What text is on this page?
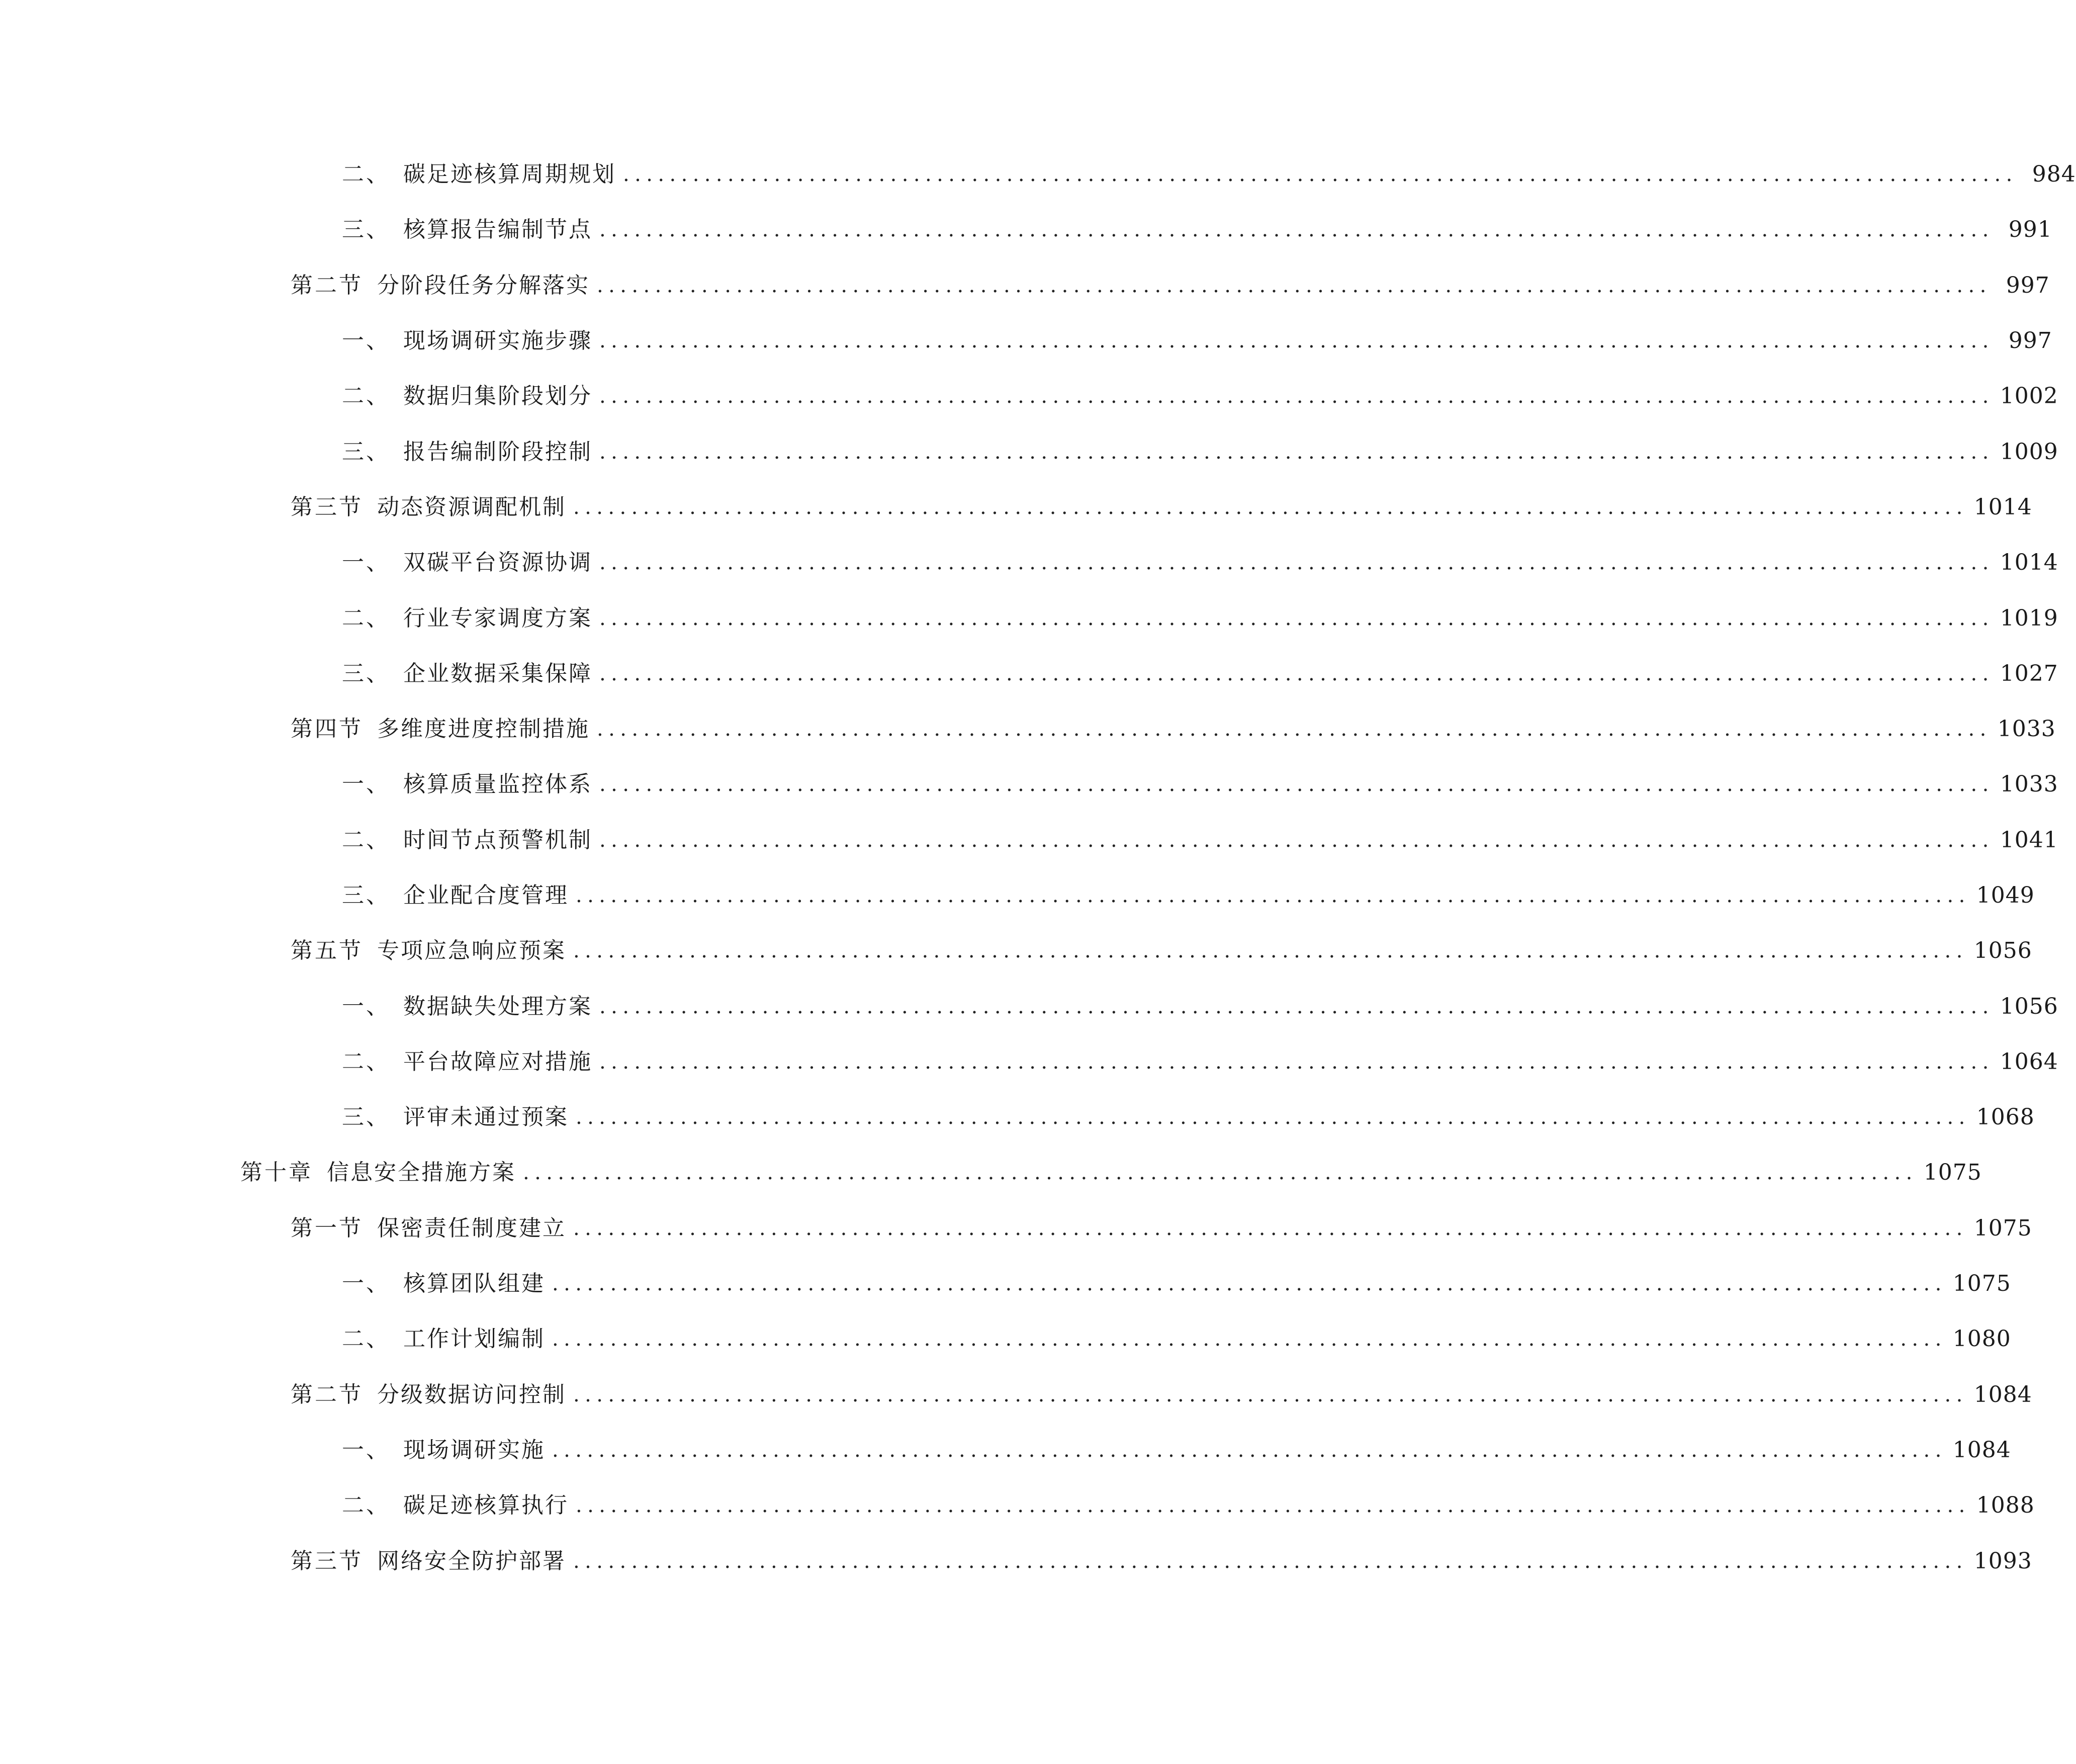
二、 碳足迹核算周期规划 ........................................................................................................................ 984
三、 核算报告编制节点 ........................................................................................................................ 991
第二节 分阶段任务分解落实 ........................................................................................................................ 997
一、 现场调研实施步骤 ........................................................................................................................ 997
二、 数据归集阶段划分 ........................................................................................................................ 1002
三、 报告编制阶段控制 ........................................................................................................................ 1009
第三节 动态资源调配机制 ........................................................................................................................ 1014
一、 双碳平台资源协调 ........................................................................................................................ 1014
二、 行业专家调度方案 ........................................................................................................................ 1019
三、 企业数据采集保障 ........................................................................................................................ 1027
第四节 多维度进度控制措施 ........................................................................................................................ 1033
一、 核算质量监控体系 ........................................................................................................................ 1033
二、 时间节点预警机制 ........................................................................................................................ 1041
三、 企业配合度管理 ........................................................................................................................ 1049
第五节 专项应急响应预案 ........................................................................................................................ 1056
一、 数据缺失处理方案 ........................................................................................................................ 1056
二、 平台故障应对措施 ........................................................................................................................ 1064
三、 评审未通过预案 ........................................................................................................................ 1068
第十章 信息安全措施方案 ........................................................................................................................ 1075
第一节 保密责任制度建立 ........................................................................................................................ 1075
一、 核算团队组建 ........................................................................................................................ 1075
二、 工作计划编制 ........................................................................................................................ 1080
第二节 分级数据访问控制 ........................................................................................................................ 1084
一、 现场调研实施 ........................................................................................................................ 1084
二、 碳足迹核算执行 ........................................................................................................................ 1088
第三节 网络安全防护部署 ........................................................................................................................ 1093
